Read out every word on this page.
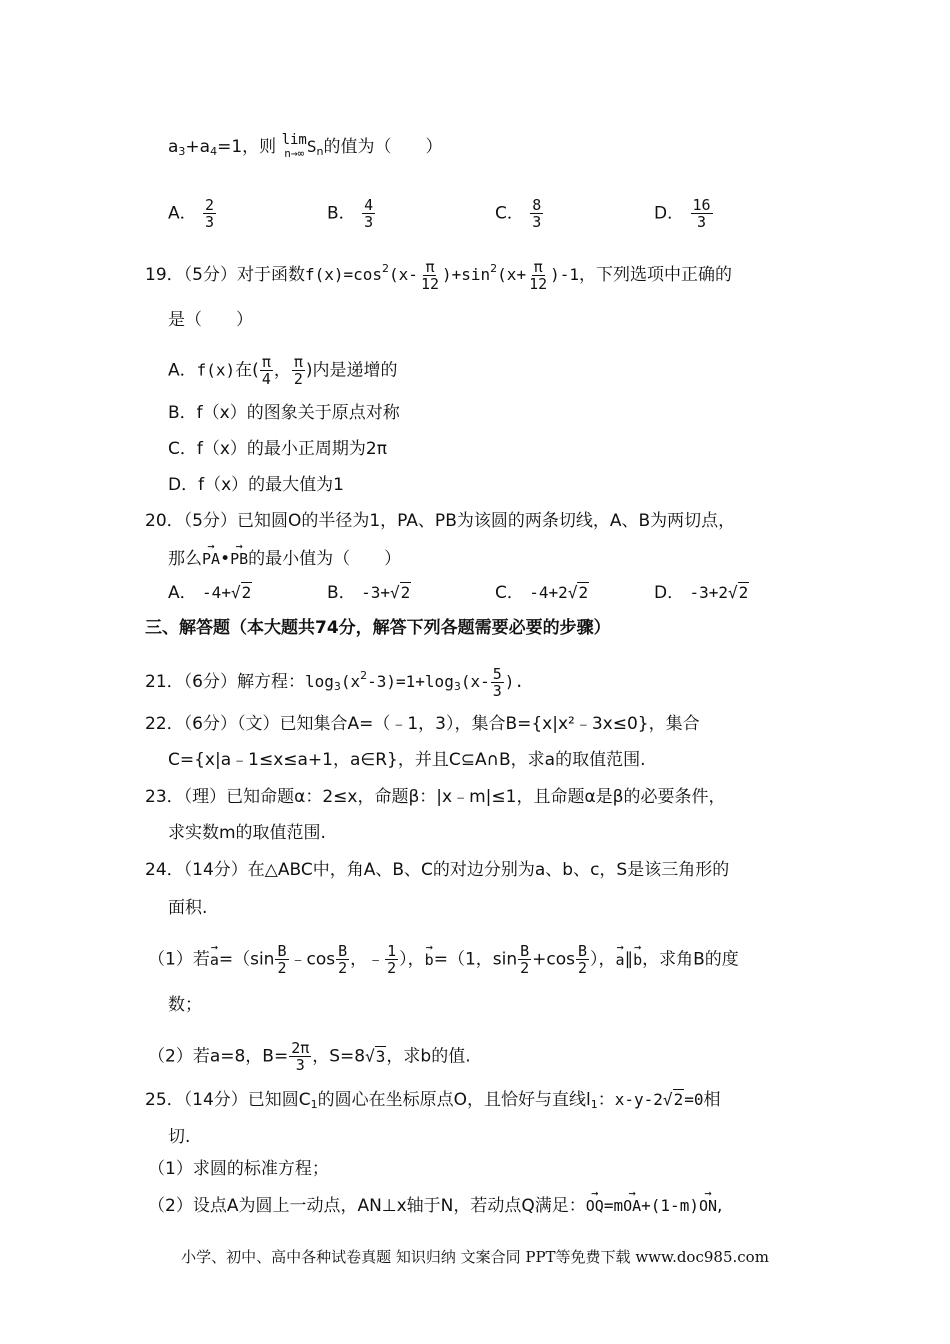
$a_3+a_4=1$，则 lim
n→∞ $S_n$的值为（　　）
A． $\frac{2}{3}$	B． $\frac{4}{3}$	C． $\frac{8}{3}$	D． $\frac{16}{3}$
19．（5分）对于函数$f(x)=\cos^2(x- \frac{\pi}{12} )+\sin^2(x+ \frac{\pi}{12} )-1$，下列选项中正确的
是（　　）
A．f(x)在( $\frac{\pi}{4}$ ， $\frac{\pi}{2}$ )内是递增的
B．f（x）的图象关于原点对称
C．f（x）的最小正周期为2π
D．f（x）的最大值为1
20．（5分）已知圆O的半径为1，PA、PB为该圆的两条切线，A、B为两切点，
那么→ PA•→ PB的最小值为（　　）
A． -4+√2	B． -3+√2	C． -4+2√2	D． -3+2√2
三、解答题（本大题共74分，解答下列各题需要必要的步骤）
21．（6分）解方程：$\log_3(x^2-3)=1+\log_3(x- \frac{5}{3}$ ).
22．（6分）（文）已知集合A=（﹣1，3），集合B={x|x²﹣3x≤0}，集合
C={x|a﹣1≤x≤a+1，a∈R}，并且C⊆A∩B，求a的取值范围.
23．（理）已知命题α：2≤x，命题β：|x﹣m|≤1，且命题α是β的必要条件，
求实数m的取值范围.
24．（14分）在△ABC中，角A、B、C的对边分别为a、b、c，S是该三角形的
面积.
（1）若→ $a=(\sin \frac{B}{2}$ ﹣cos $\frac{B}{2}$ ，﹣ $\frac{1}{2}$ ），→ b=（1，$\sin \frac{B}{2} +\cos \frac{B}{2}$ ），→ a∥→ b，求角B的度
数；
（2）若a=8，$B= \frac{2\pi}{3}$ ，S=8√3，求b的值.
25．（14分）已知圆$C_1$的圆心在坐标原点O，且恰好与直线$l_1$：x-y-2√2=0相
切.
（1）求圆的标准方程；
（2）设点A为圆上一动点，AN⊥x轴于N，若动点Q满足：→ OQ=m→ OA+(1-m)→ ON,
小学、初中、高中各种试卷真题 知识归纳 文案合同 PPT等免费下载 www.doc985.com
